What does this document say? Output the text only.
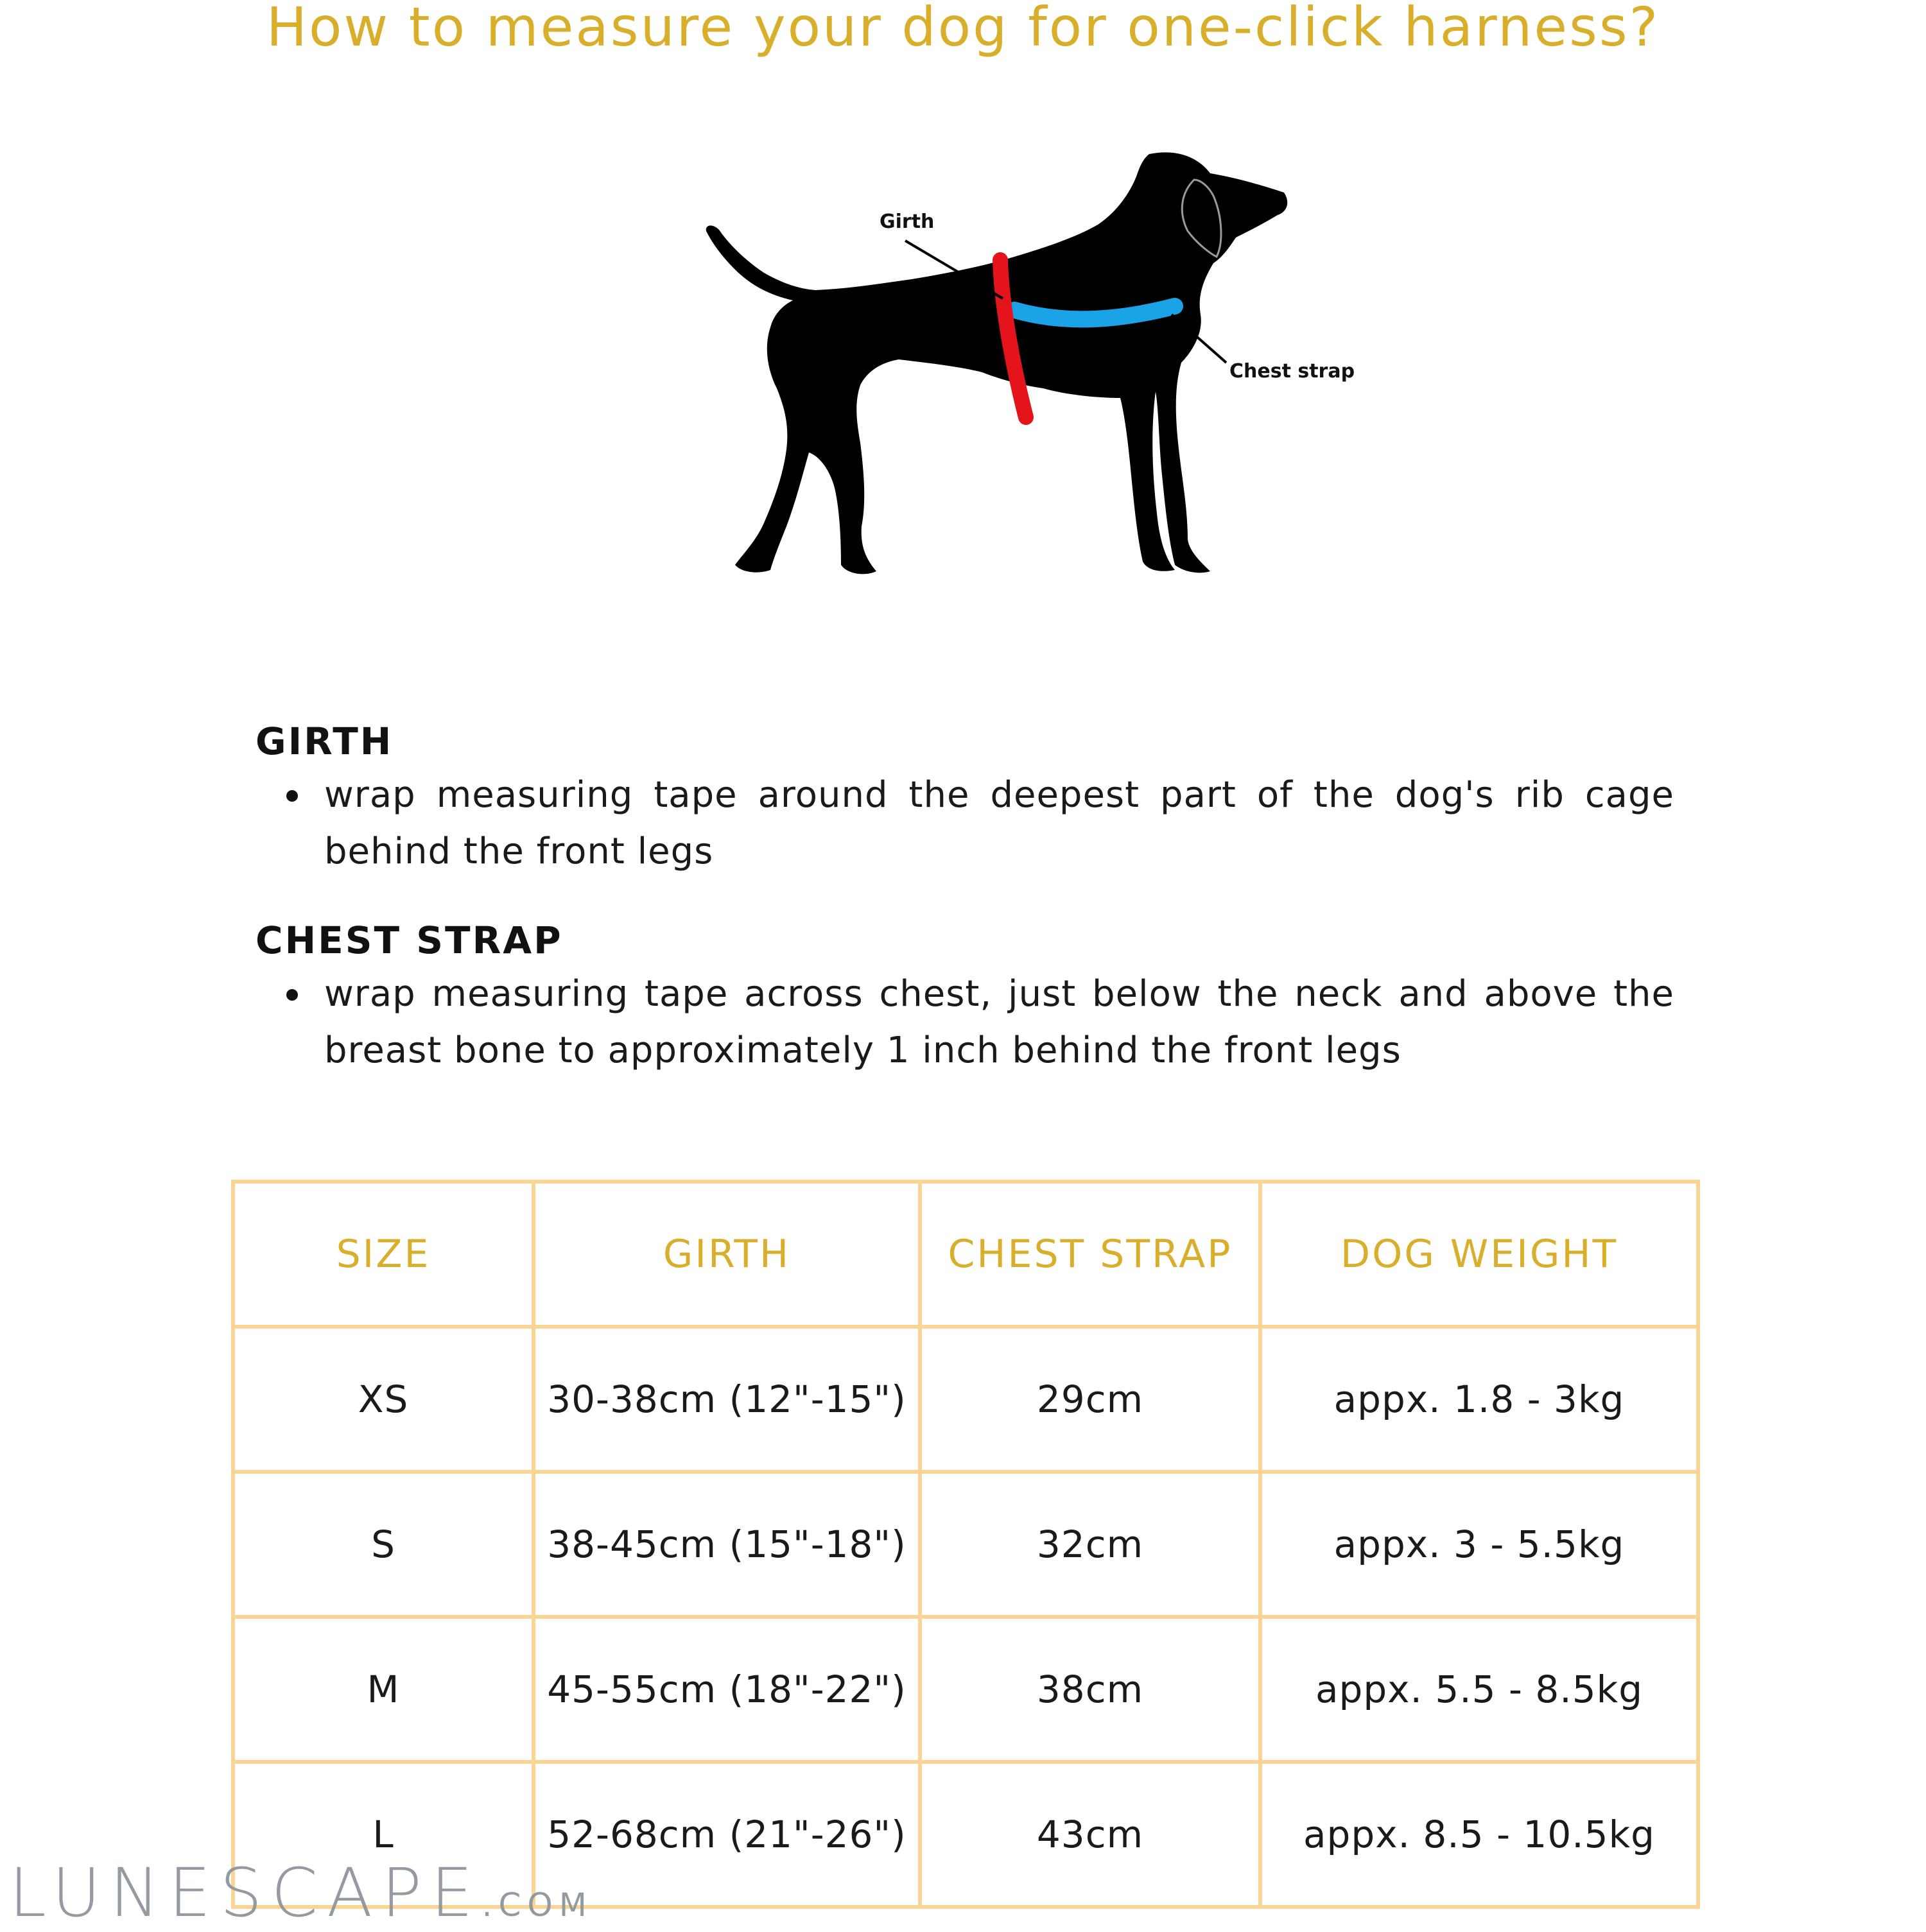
How to measure your dog for one-click harness?
Girth
Chest strap
GIRTH
wrap measuring tape around the deepest part of the dog's rib cage behind the front legs
CHEST STRAP
wrap measuring tape across chest, just below the neck and above the breast bone to approximately 1 inch behind the front legs
SIZE	GIRTH	CHEST STRAP	DOG WEIGHT
XS	30-38cm (12"-15")	29cm	appx. 1.8 - 3kg
S	38-45cm (15"-18")	32cm	appx. 3 - 5.5kg
M	45-55cm (18"-22")	38cm	appx. 5.5 - 8.5kg
L	52-68cm (21"-26")	43cm	appx. 8.5 - 10.5kg
LUNESCAPE .COM
